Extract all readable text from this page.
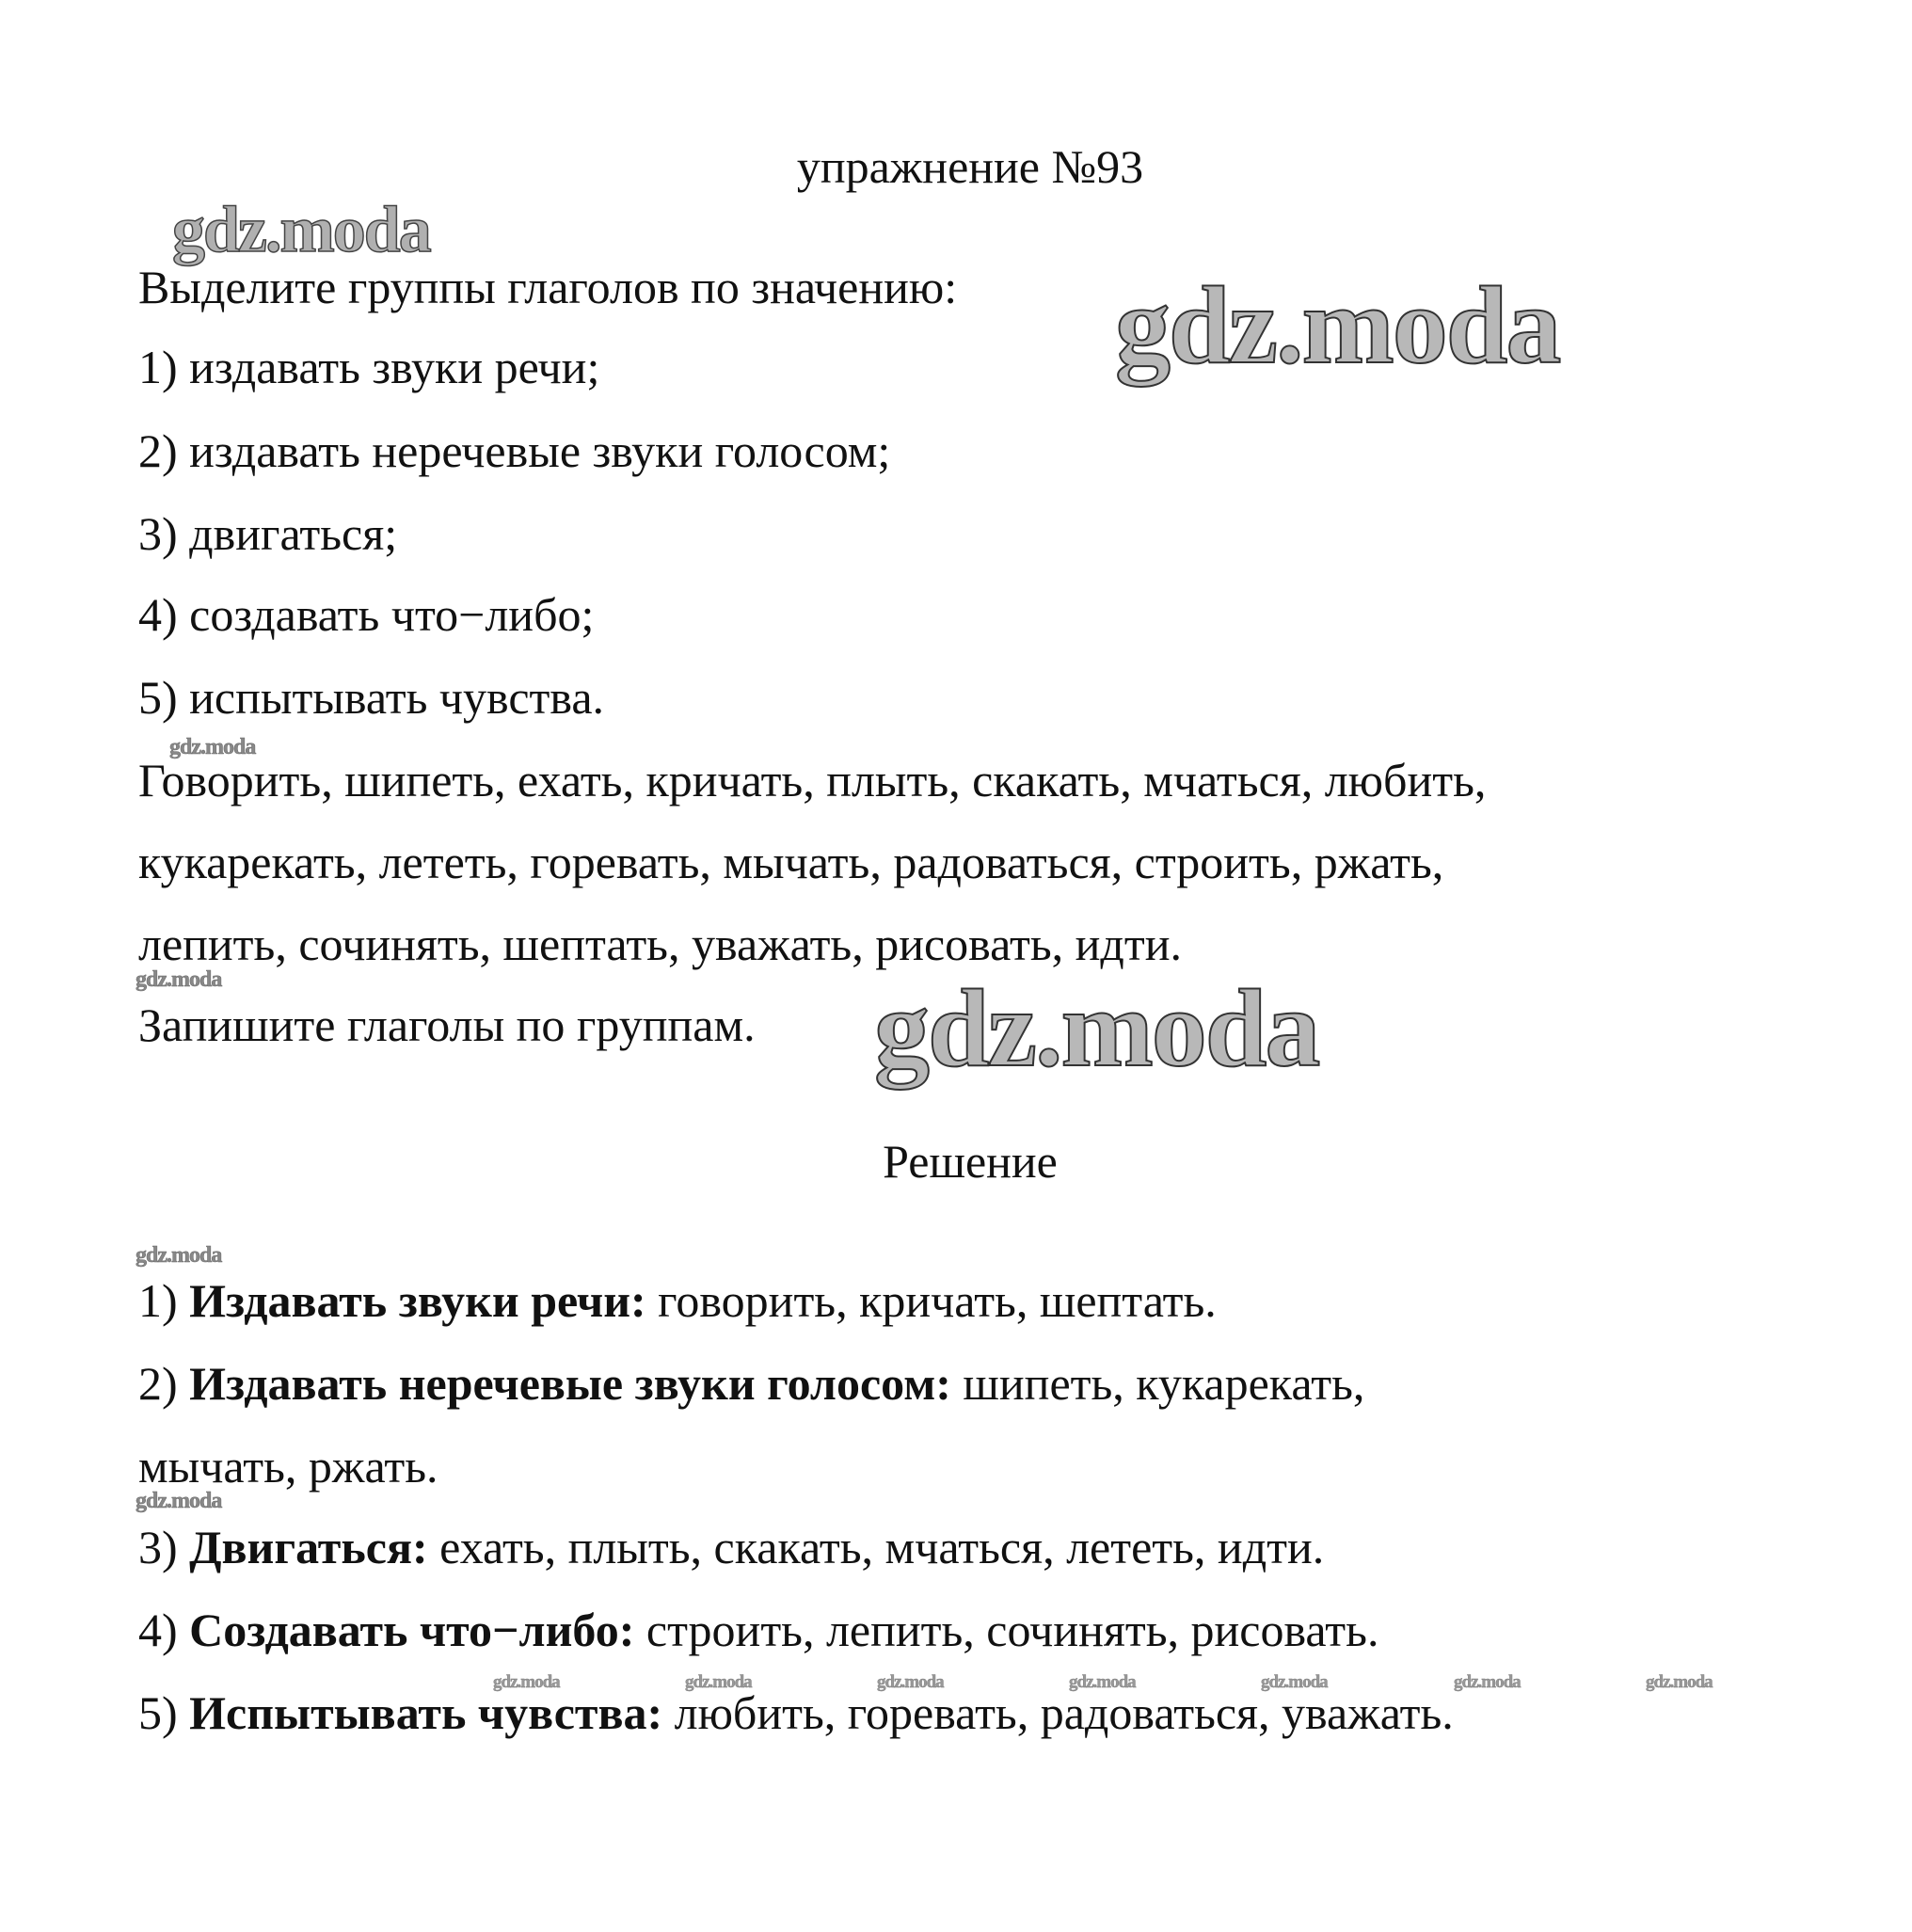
gdz.moda
gdz.moda
gdz.moda
gdz.moda
gdz.moda
gdz.moda
gdz.moda
gdz.moda	gdz.moda	gdz.moda	gdz.moda	gdz.moda	gdz.moda	gdz.moda
упражнение №93
Выделите группы глаголов по значению:
1) издавать звуки речи;
2) издавать неречевые звуки голосом;
3) двигаться;
4) создавать что−либо;
5) испытывать чувства.
Говорить, шипеть, ехать, кричать, плыть, скакать, мчаться, любить,
кукарекать, лететь, горевать, мычать, радоваться, строить, ржать,
лепить, сочинять, шептать, уважать, рисовать, идти.
Запишите глаголы по группам.
Решение
1) Издавать звуки речи: говорить, кричать, шептать.
2) Издавать неречевые звуки голосом: шипеть, кукарекать,
мычать, ржать.
3) Двигаться: ехать, плыть, скакать, мчаться, лететь, идти.
4) Создавать что−либо: строить, лепить, сочинять, рисовать.
5) Испытывать чувства: любить, горевать, радоваться, уважать.
